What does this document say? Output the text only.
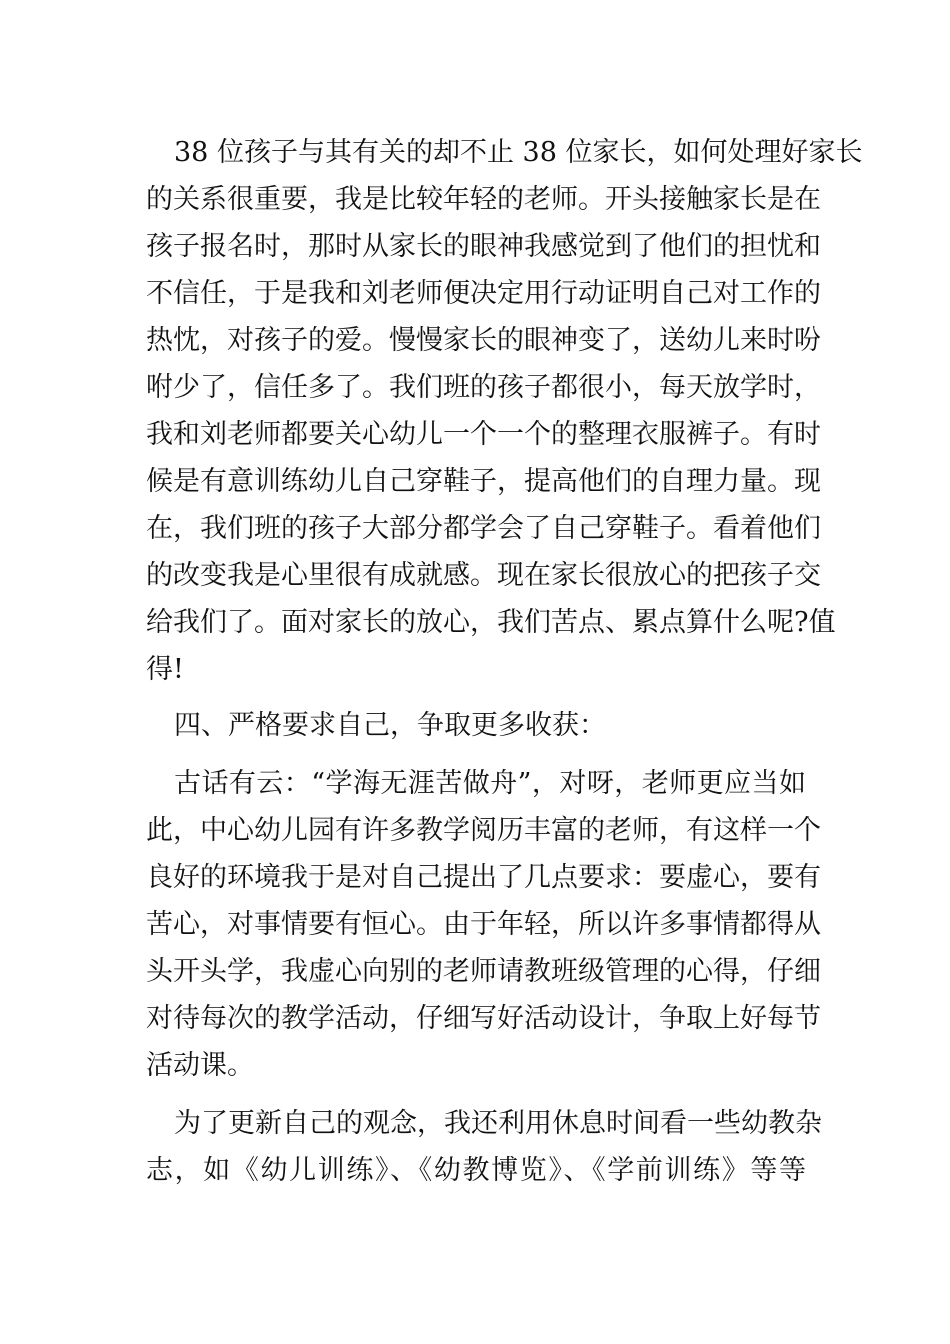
38 位孩子与其有关的却不止 38 位家长，如何处理好家长
的关系很重要，我是比较年轻的老师。开头接触家长是在
孩子报名时，那时从家长的眼神我感觉到了他们的担忧和
不信任，于是我和刘老师便决定用行动证明自己对工作的
热忱，对孩子的爱。慢慢家长的眼神变了，送幼儿来时吩
咐少了，信任多了。我们班的孩子都很小，每天放学时，
我和刘老师都要关心幼儿一个一个的整理衣服裤子。有时
候是有意训练幼儿自己穿鞋子，提高他们的自理力量。现
在，我们班的孩子大部分都学会了自己穿鞋子。看着他们
的改变我是心里很有成就感。现在家长很放心的把孩子交
给我们了。面对家长的放心，我们苦点、累点算什么呢?值
得!
四、严格要求自己，争取更多收获：
古话有云：“学海无涯苦做舟”，对呀，老师更应当如
此，中心幼儿园有许多教学阅历丰富的老师，有这样一个
良好的环境我于是对自己提出了几点要求：要虚心，要有
苦心，对事情要有恒心。由于年轻，所以许多事情都得从
头开头学，我虚心向别的老师请教班级管理的心得，仔细
对待每次的教学活动，仔细写好活动设计，争取上好每节
活动课。
为了更新自己的观念，我还利用休息时间看一些幼教杂
志，如《幼儿训练》、《幼教博览》、《学前训练》等等
